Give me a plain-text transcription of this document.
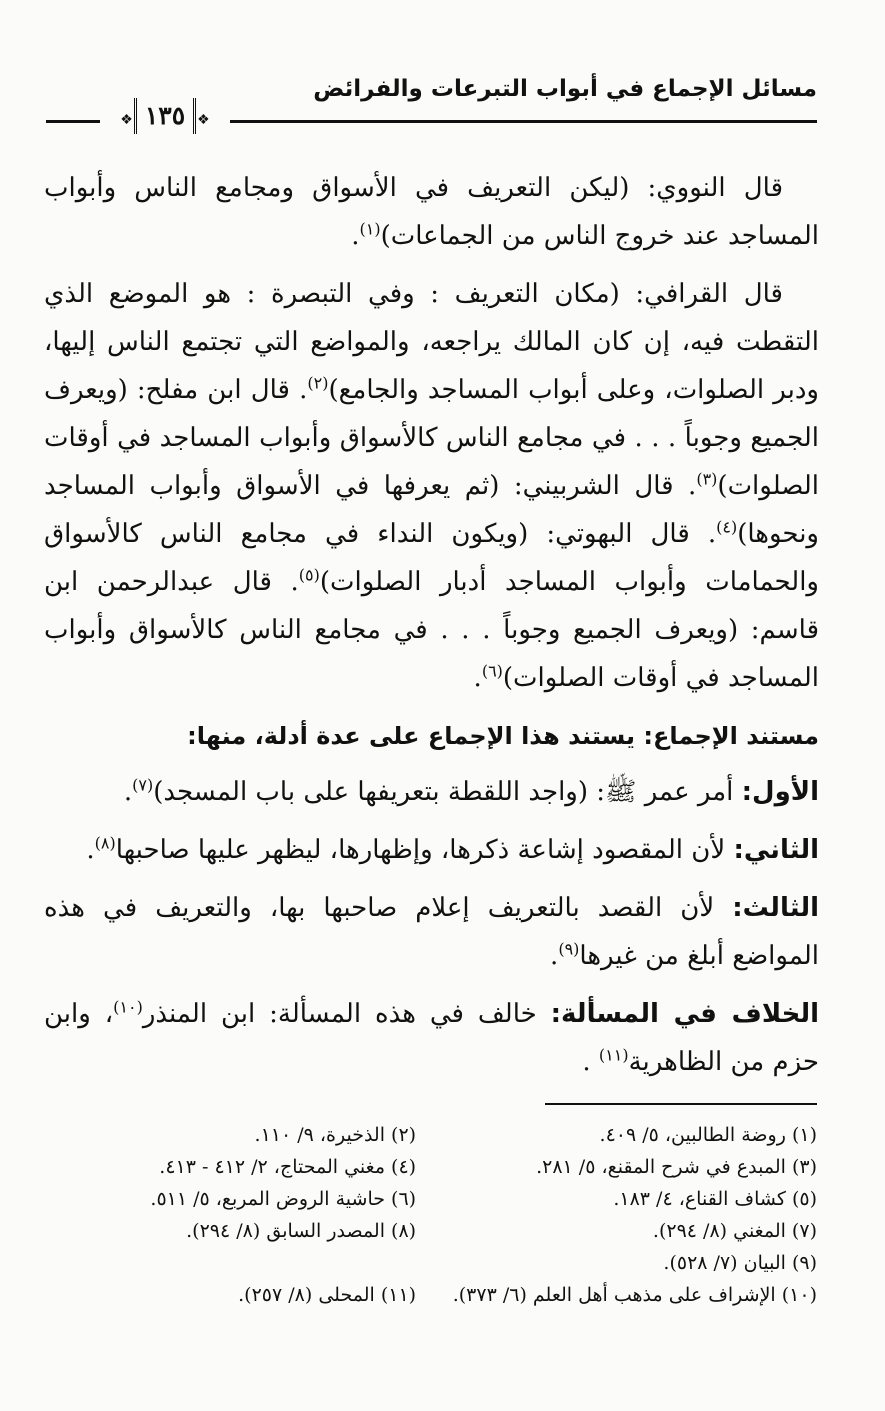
مسائل الإجماع في أبواب التبرعات والفرائض
❖١٣٥❖

قال النووي: (ليكن التعريف في الأسواق ومجامع الناس وأبواب المساجد عند خروج الناس من الجماعات)$^{(١)}$.

قال القرافي: (مكان التعريف : وفي التبصرة : هو الموضع الذي التقطت فيه، إن كان المالك يراجعه، والمواضع التي تجتمع الناس إليها، ودبر الصلوات، وعلى أبواب المساجد والجامع)$^{(٢)}$. قال ابن مفلح: (ويعرف الجميع وجوباً . . . في مجامع الناس كالأسواق وأبواب المساجد في أوقات الصلوات)$^{(٣)}$. قال الشربيني: (ثم يعرفها في الأسواق وأبواب المساجد ونحوها)$^{(٤)}$. قال البهوتي: (ويكون النداء في مجامع الناس كالأسواق والحمامات وأبواب المساجد أدبار الصلوات)$^{(٥)}$. قال عبدالرحمن ابن قاسم: (ويعرف الجميع وجوباً . . . في مجامع الناس كالأسواق وأبواب المساجد في أوقات الصلوات)$^{(٦)}$.

مستند الإجماع: يستند هذا الإجماع على عدة أدلة، منها:

الأول: أمر عمر ﷺ: (واجد اللقطة بتعريفها على باب المسجد)$^{(٧)}$.

الثاني: لأن المقصود إشاعة ذكرها، وإظهارها، ليظهر عليها صاحبها$^{(٨)}$.

الثالث: لأن القصد بالتعريف إعلام صاحبها بها، والتعريف في هذه المواضع أبلغ من غيرها$^{(٩)}$.

الخلاف في المسألة: خالف في هذه المسألة: ابن المنذر$^{(١٠)}$، وابن حزم من الظاهرية$^{(١١)}$ .

(١) روضة الطالبين، ٥/ ٤٠٩.
(٢) الذخيرة، ٩/ ١١٠.
(٣) المبدع في شرح المقنع، ٥/ ٢٨١.
(٤) مغني المحتاج، ٢/ ٤١٢ - ٤١٣.
(٥) كشاف القناع، ٤/ ١٨٣.
(٦) حاشية الروض المربع، ٥/ ٥١١.
(٧) المغني (٨/ ٢٩٤).
(٨) المصدر السابق (٨/ ٢٩٤).
(٩) البيان (٧/ ٥٢٨).
(١٠) الإشراف على مذهب أهل العلم (٦/ ٣٧٣).
(١١) المحلى (٨/ ٢٥٧).
